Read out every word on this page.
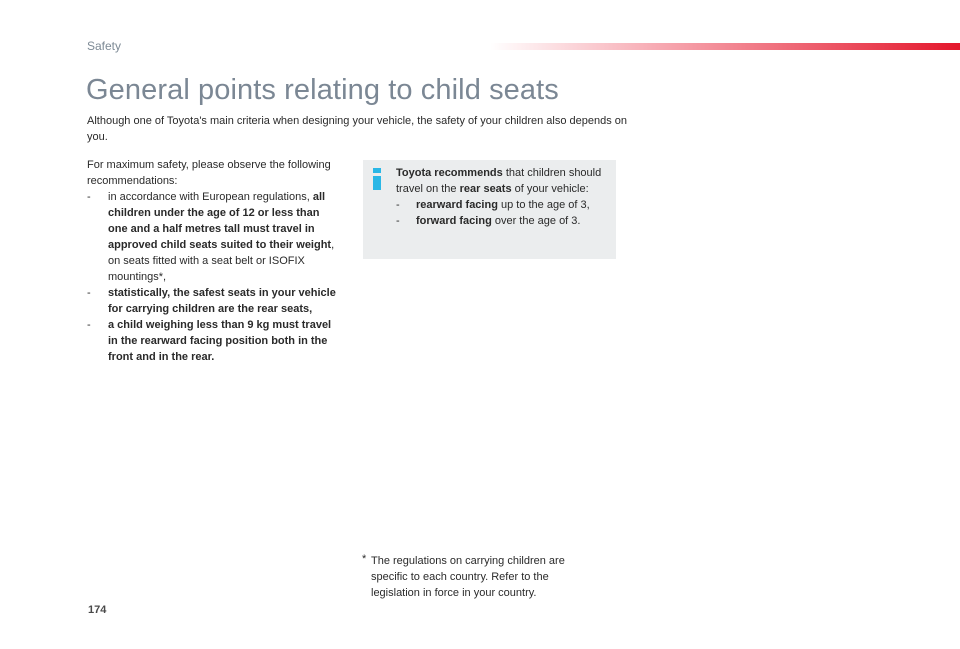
Safety
General points relating to child seats

Although one of Toyota's main criteria when designing your vehicle, the safety of your children also depends on you.

For maximum safety, please observe the following recommendations:

- in accordance with European regulations, all children under the age of 12 or less than one and a half metres tall must travel in approved child seats suited to their weight, on seats fitted with a seat belt or ISOFIX mountings*,
- statistically, the safest seats in your vehicle for carrying children are the rear seats,
- a child weighing less than 9 kg must travel in the rearward facing position both in the front and in the rear.

Toyota recommends that children should travel on the rear seats of your vehicle:

- rearward facing up to the age of 3,
- forward facing over the age of 3.
* The regulations on carrying children are specific to each country. Refer to the legislation in force in your country.
174
